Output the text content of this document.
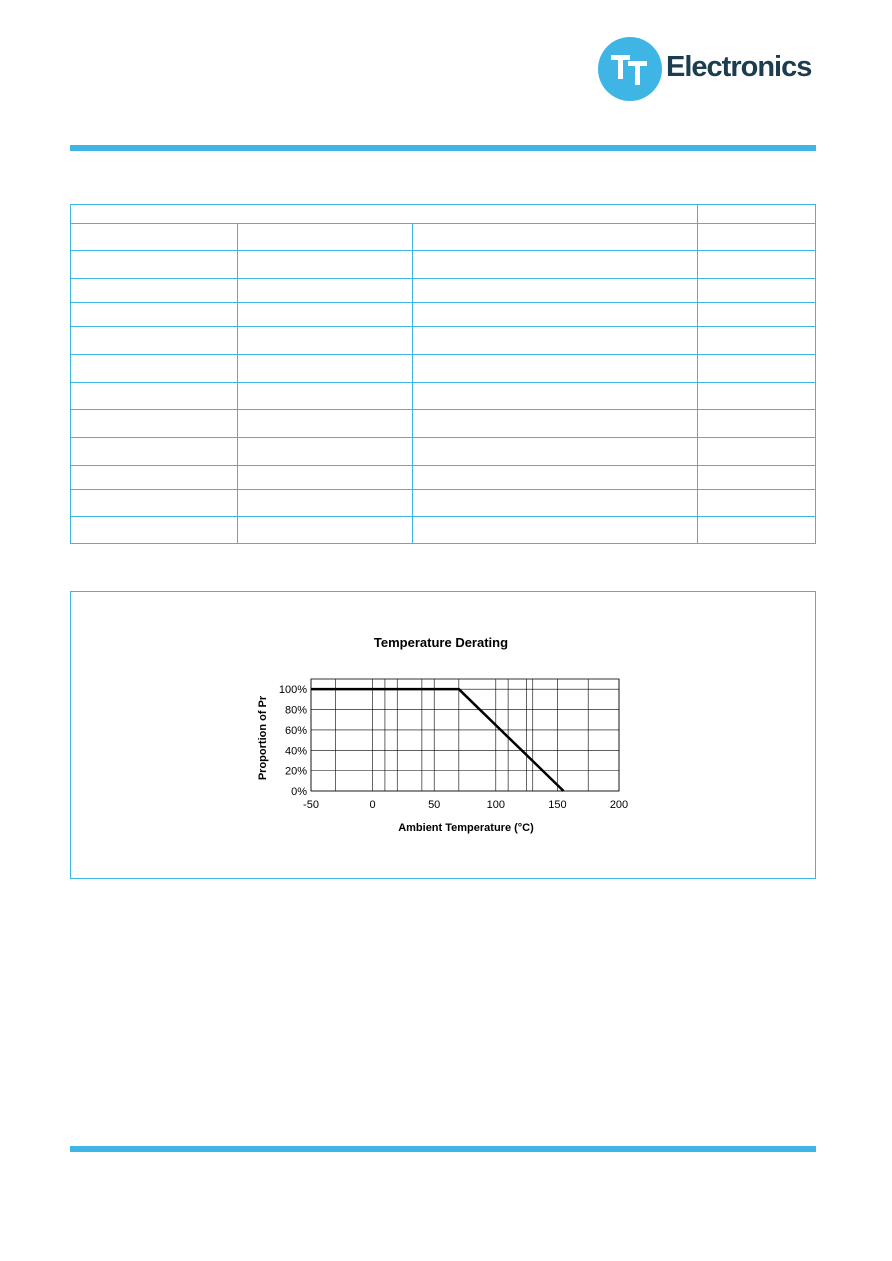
Electronics

Temperature Derating
Proportion of Pr
Ambient Temperature (°C)
0%
20%
40%
60%
80%
100%
-50	0	50	100	150	200
